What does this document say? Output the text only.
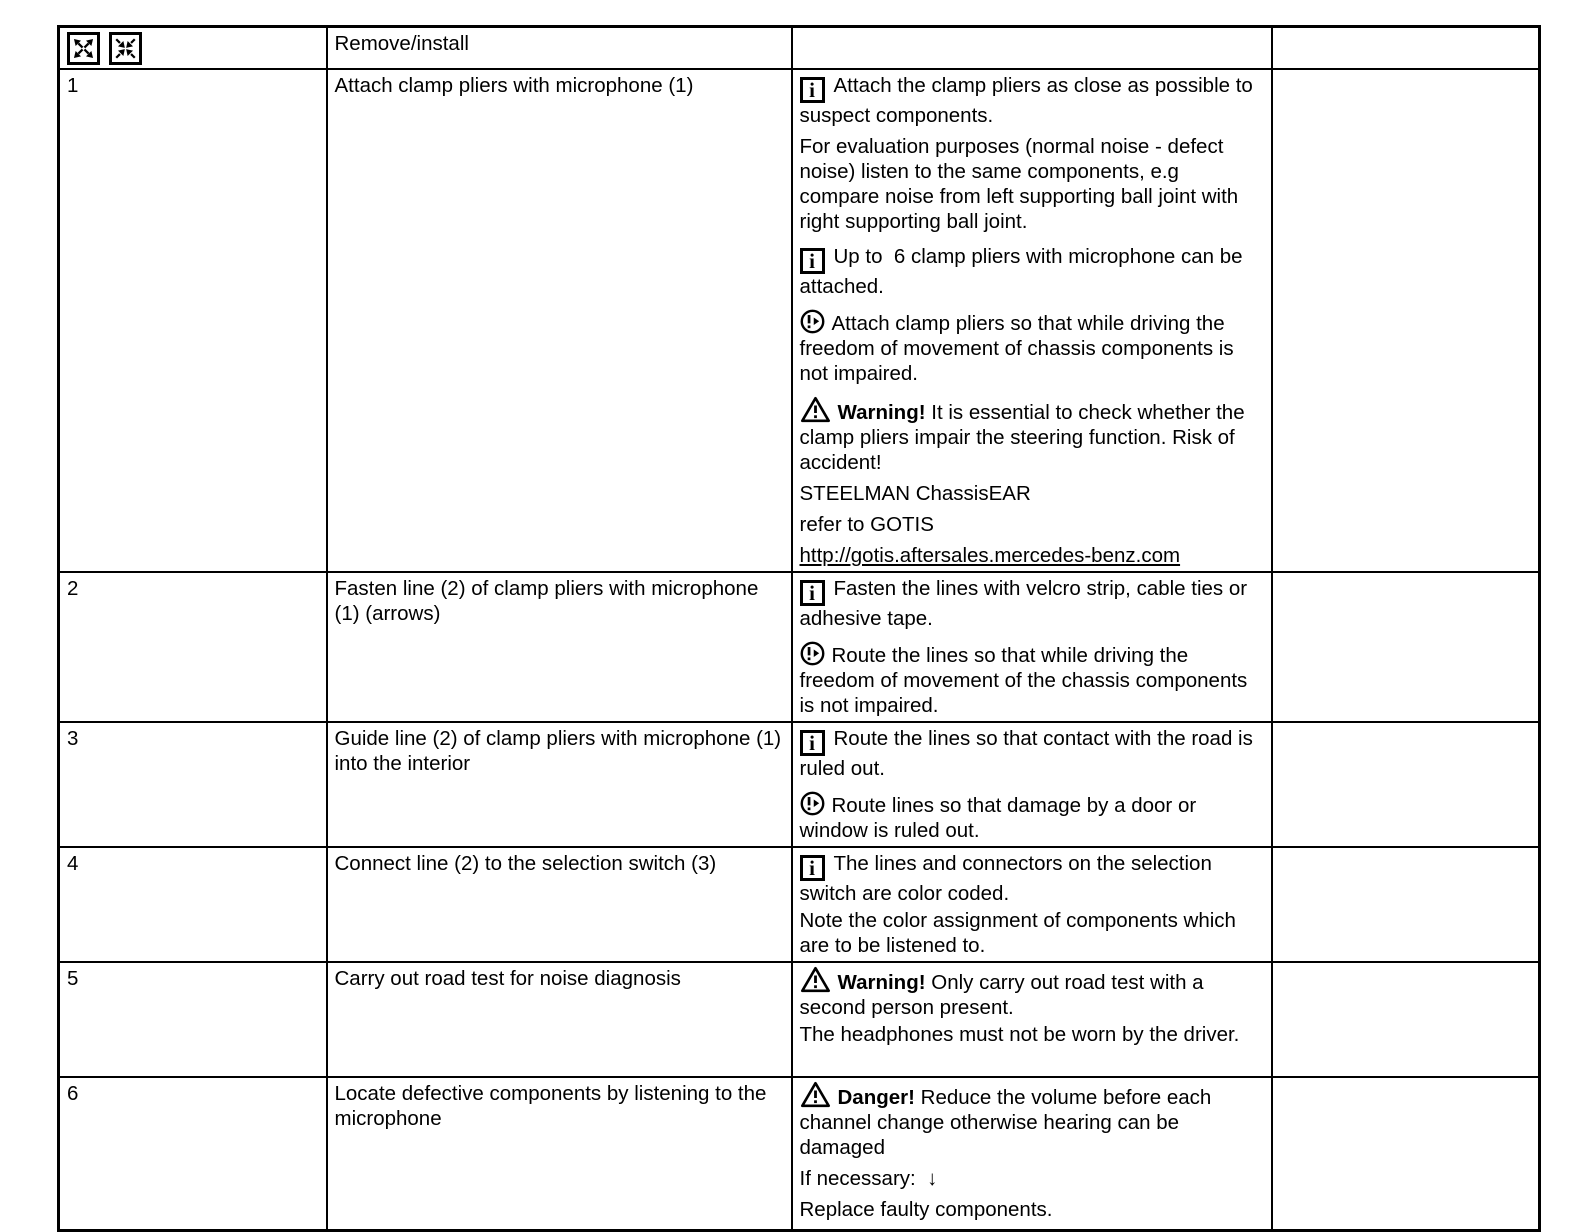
	Remove/install		
1	Attach clamp pliers with microphone (1)	i Attach the clamp pliers as close as possible to suspect components.

For evaluation purposes (normal noise - defect noise) listen to the same components, e.g compare noise from left supporting ball joint with right supporting ball joint.

i Up to  6 clamp pliers with microphone can be attached.

Attach clamp pliers so that while driving the freedom of movement of chassis components is not impaired.

Warning! It is essential to check whether the clamp pliers impair the steering function. Risk of accident!

STEELMAN ChassisEAR

refer to GOTIS

http://gotis.aftersales.mercedes-benz.com

2	Fasten line (2) of clamp pliers with microphone (1) (arrows)	i Fasten the lines with velcro strip, cable ties or adhesive tape.

Route the lines so that while driving the freedom of movement of the chassis components is not impaired.	

3	Guide line (2) of clamp pliers with microphone (1) into the interior	i Route the lines so that contact with the road is ruled out.

Route lines so that damage by a door or window is ruled out.	

4	Connect line (2) to the selection switch (3)	i The lines and connectors on the selection switch are color coded.

Note the color assignment of components which are to be listened to.	

5	Carry out road test for noise diagnosis	Warning! Only carry out road test with a second person present.

The headphones must not be worn by the driver.	

6	Locate defective components by listening to the microphone	Danger! Reduce the volume before each channel change otherwise hearing can be damaged

If necessary:  ↓

Replace faulty components.	
